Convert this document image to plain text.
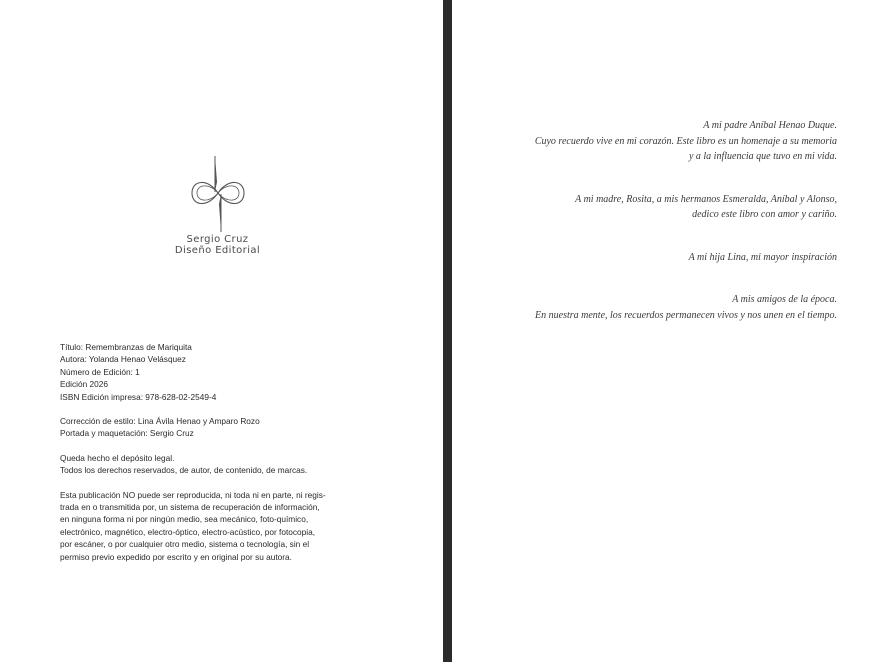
Sergio Cruz
Diseño Editorial
Título: Remembranzas de Mariquita
Autora: Yolanda Henao Velásquez
Número de Edición: 1
Edición 2026
ISBN Edición impresa: 978-628-02-2549-4
Corrección de estilo: Lina Ávila Henao y Amparo Rozo
Portada y maquetación: Sergio Cruz
Queda hecho el depósito legal.
Todos los derechos reservados, de autor, de contenido, de marcas.
Esta publicación NO puede ser reproducida, ni toda ni en parte, ni regis-
trada en o transmitida por, un sistema de recuperación de información,
en ninguna forma ni por ningún medio, sea mecánico, foto-químico,
electrónico, magnético, electro-óptico, electro-acústico, por fotocopia,
por escáner, o por cualquier otro medio, sistema o tecnología, sin el
permiso previo expedido por escrito y en original por su autora.
A mi padre Aníbal Henao Duque.
Cuyo recuerdo vive en mi corazón. Este libro es un homenaje a su memoria
y a la influencia que tuvo en mi vida.
A mi madre, Rosita, a mis hermanos Esmeralda, Aníbal y Alonso,
dedico este libro con amor y cariño.
A mi hija Lina, mi mayor inspiración
A mis amigos de la época.
En nuestra mente, los recuerdos permanecen vivos y nos unen en el tiempo.
